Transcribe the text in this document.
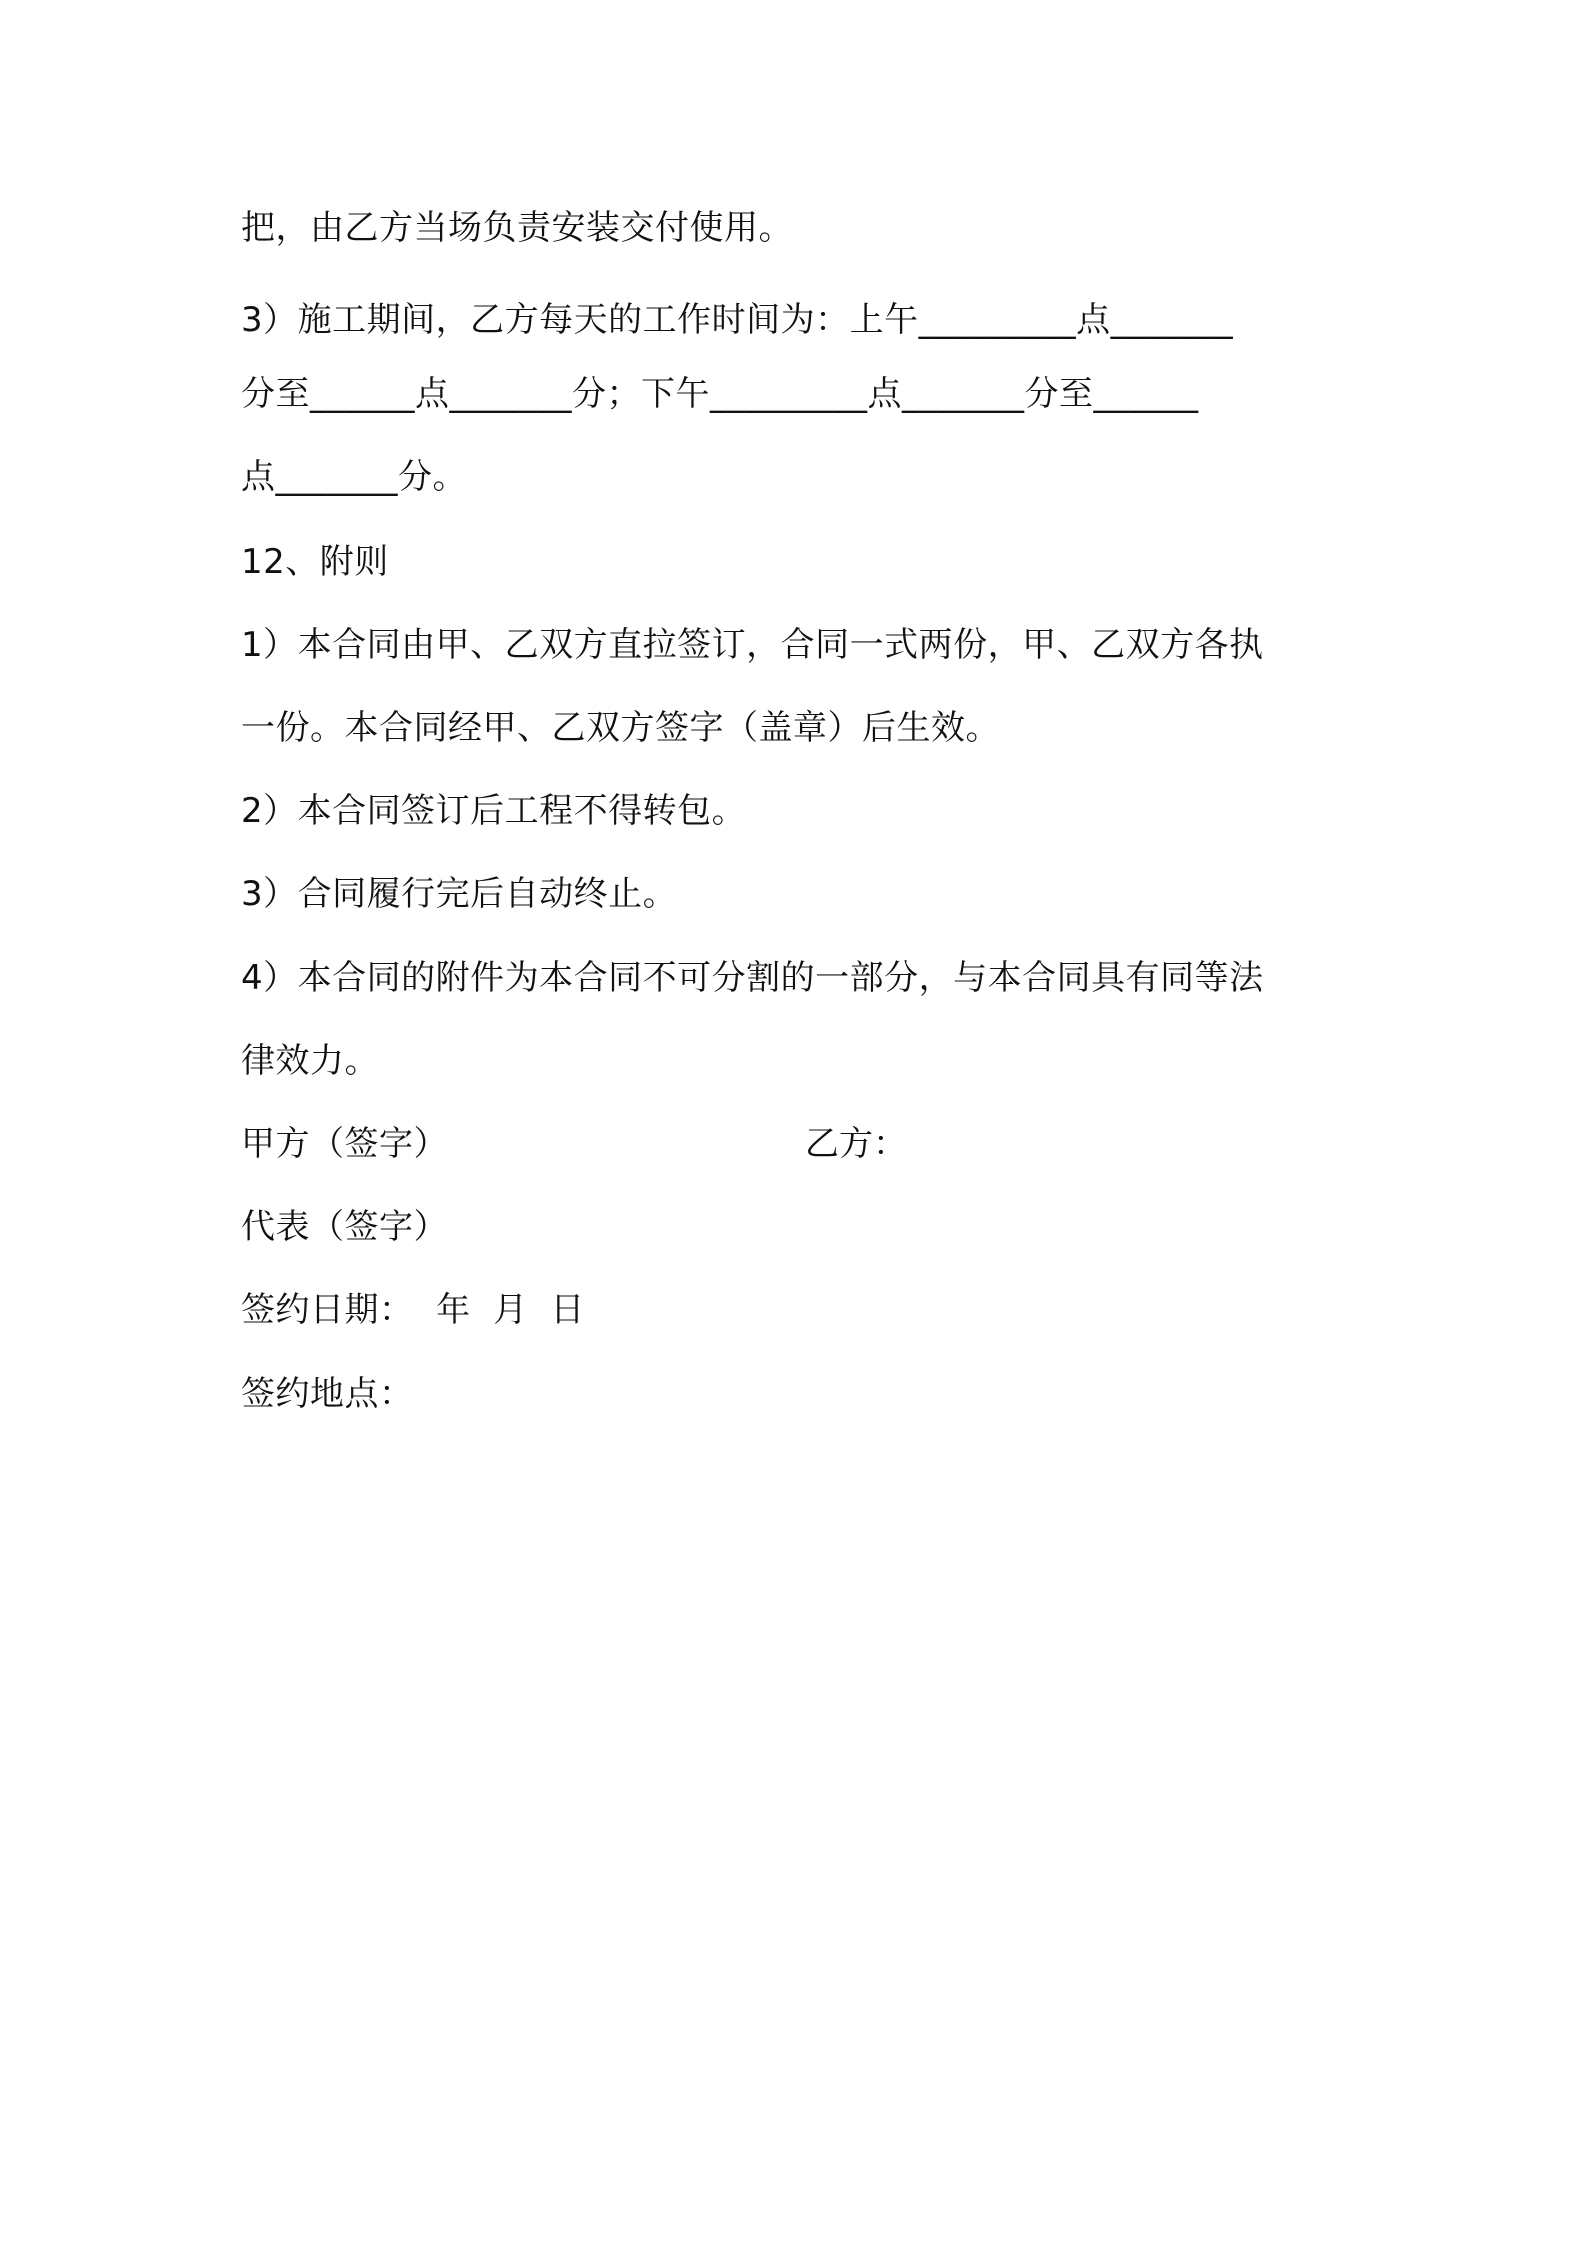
把，由乙方当场负责安装交付使用。
3）施工期间，乙方每天的工作时间为：上午_________点_______
分至______点_______分；下午_________点_______分至______
点_______分。
12、附则
1）本合同由甲、乙双方直拉签订，合同一式两份，甲、乙双方各执
一份。本合同经甲、乙双方签字（盖章）后生效。
2）本合同签订后工程不得转包。
3）合同履行完后自动终止。
4）本合同的附件为本合同不可分割的一部分，与本合同具有同等法
律效力。
甲方（签字）	乙方：
代表（签字）
签约日期：  年  月  日
签约地点：
